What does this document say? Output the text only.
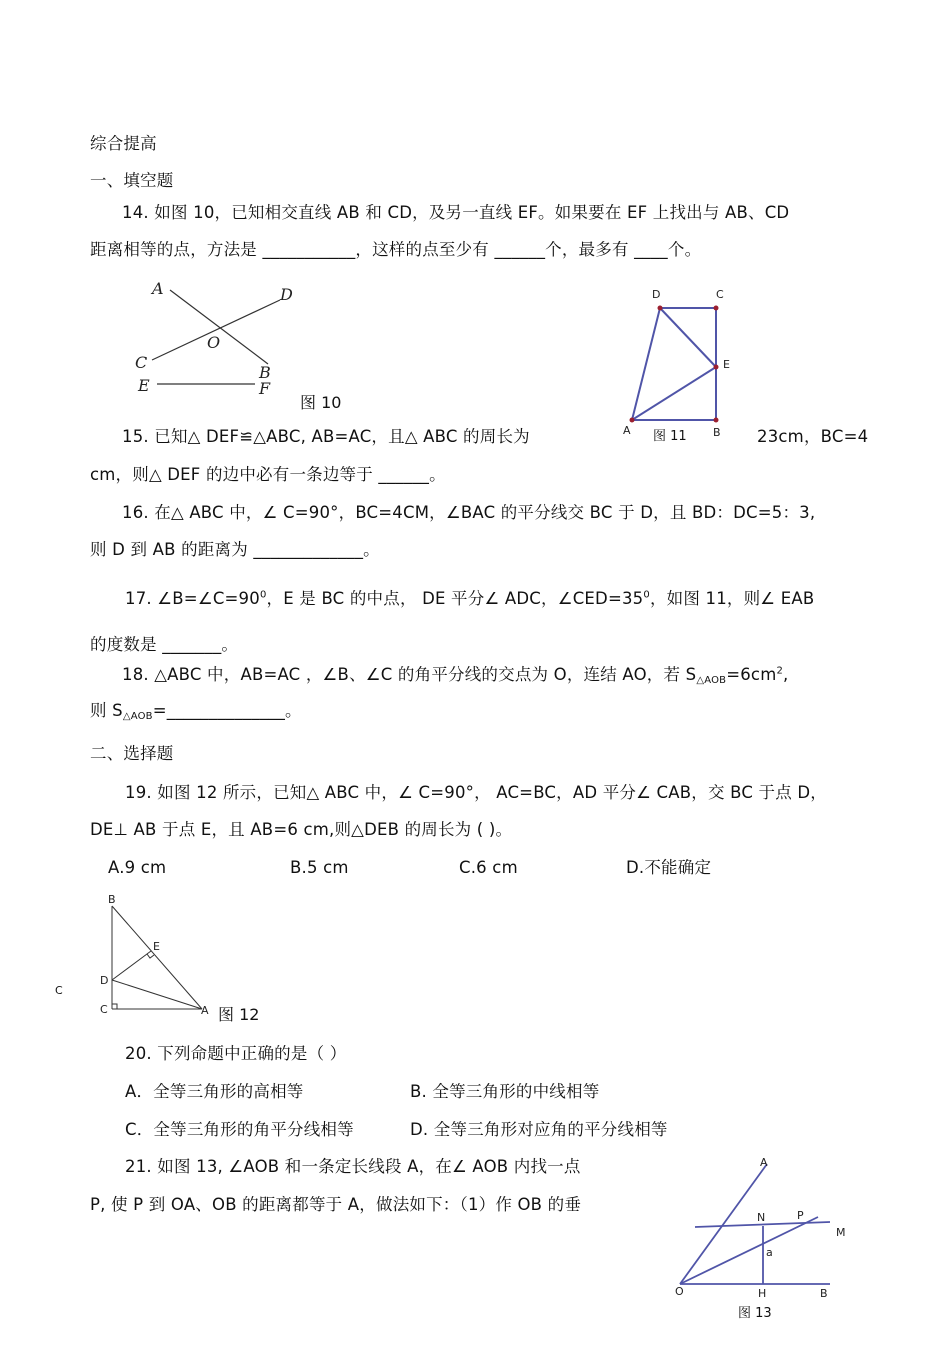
综合提高
一、填空题
14. 如图 10，已知相交直线 AB 和 CD，及另一直线 EF。如果要在 EF 上找出与 AB、CD
距离相等的点，方法是 ___________，这样的点至少有 ______个，最多有 ____个。
A	D
O
C
B
E	F
图 10
D	C
E
A	B
图 11
15. 已知△ DEF≌△ABC, AB=AC，且△ ABC 的周长为	23cm，BC=4
cm，则△ DEF 的边中必有一条边等于 ______。
16. 在△ ABC 中，∠ C=90°，BC=4CM，∠BAC 的平分线交 BC 于 D，且 BD：DC=5：3,
则 D 到 AB 的距离为 _____________。
17. $\angle B=\angle C=90^0$，E 是 BC 的中点， DE 平分∠ ADC，$\angle CED=35^0$，如图 11，则∠ EAB
的度数是 _______。
18. △ABC 中，AB=AC ，∠B、∠C 的角平分线的交点为 O，连结 AO，若 $S_{\triangle AOB}=6cm^2$,
则 $S_{\triangle AOB}=\_\_\_\_\_\_\_\_\_\_\_\_\_\_$。
二、选择题
19. 如图 12 所示，已知△ ABC 中，∠ C=90°， AC=BC，AD 平分∠ CAB，交 BC 于点 D，
DE⊥ AB 于点 E，且 AB=6 cm,则△DEB 的周长为 ( )。
A.9 cm	B.5 cm	C.6 cm	D.不能确定
C
B
E
D
C	A 图 12
20. 下列命题中正确的是（ ）
A．全等三角形的高相等	B. 全等三角形的中线相等
C．全等三角形的角平分线相等	D. 全等三角形对应角的平分线相等
21. 如图 13, ∠AOB 和一条定长线段 A，在∠ AOB 内找一点
P, 使 P 到 OA、OB 的距离都等于 A，做法如下：（1）作 OB 的垂
A
N	P
M
a
O	H	B
图 13
